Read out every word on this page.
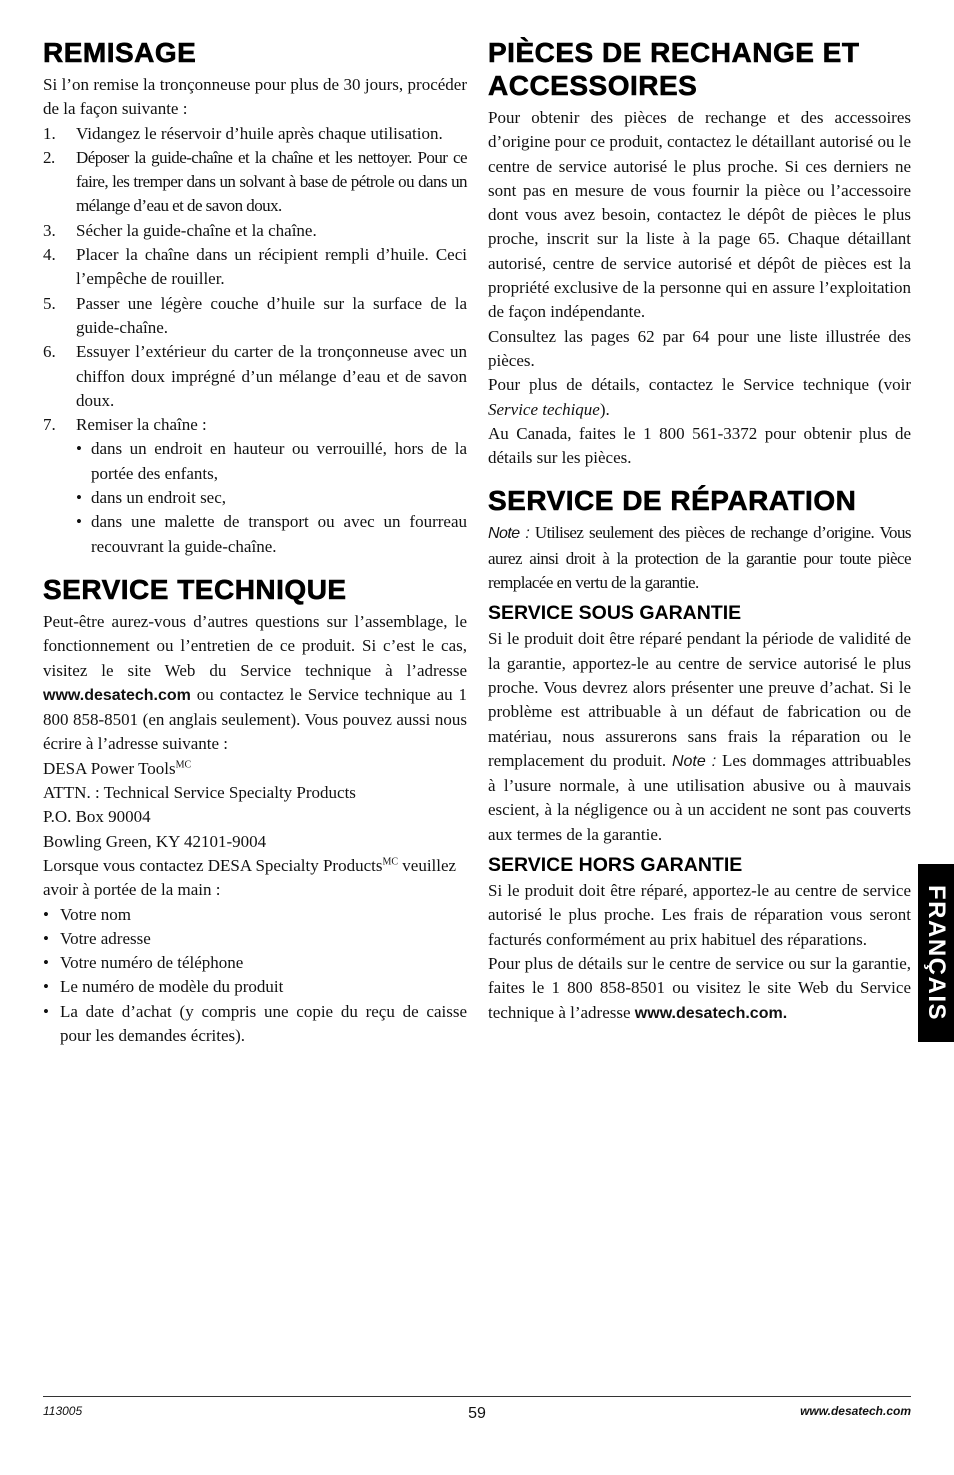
REMISAGE

Si l’on remise la tronçonneuse pour plus de 30 jours, procéder de la façon suivante :

1. Vidangez le réservoir d’huile après chaque utilisation.
2. Déposer la guide-chaîne et la chaîne et les nettoyer. Pour ce faire, les tremper dans un solvant à base de pétrole ou dans un mélange d’eau et de savon doux.
3. Sécher la guide-chaîne et la chaîne.
4. Placer la chaîne dans un récipient rempli d’huile. Ceci l’empêche de rouiller.
5. Passer une légère couche d’huile sur la surface de la guide-chaîne.
6. Essuyer l’extérieur du carter de la tronçonneuse avec un chiffon doux imprégné d’un mélange d’eau et de savon doux.
7. Remiser la chaîne :
• dans un endroit en hauteur ou verrouillé, hors de la portée des enfants,
• dans un endroit sec,
• dans une malette de transport ou avec un fourreau recouvrant la guide-chaîne.
SERVICE TECHNIQUE

Peut-être aurez-vous d’autres questions sur l’assemblage, le fonctionnement ou l’entretien de ce produit. Si c’est le cas, visitez le site Web du Service technique à l’adresse www.desatech.com ou contactez le Service technique au 1 800 858-8501 (en anglais seulement). Vous pouvez aussi nous écrire à l’adresse suivante :

DESA Power Tools$^{MC}$

ATTN. : Technical Service Specialty Products

P.O. Box 90004

Bowling Green, KY 42101-9004

Lorsque vous contactez DESA Specialty Products$^{MC}$ veuillez avoir à portée de la main :

• Votre nom
• Votre adresse
• Votre numéro de téléphone
• Le numéro de modèle du produit
• La date d’achat (y compris une copie du reçu de caisse pour les demandes écrites).
PIÈCES DE RECHANGE ET ACCESSOIRES

Pour obtenir des pièces de rechange et des accessoires d’origine pour ce produit, contactez le détaillant autorisé ou le centre de service autorisé le plus proche. Si ces derniers ne sont pas en mesure de vous fournir la pièce ou l’accessoire dont vous avez besoin, contactez le dépôt de pièces le plus proche, inscrit sur la liste à la page 65. Chaque détaillant autorisé, centre de service autorisé et dépôt de pièces est la propriété exclusive de la personne qui en assure l’exploitation de façon indépendante.

Consultez las pages 62 par 64 pour une liste illustrée des pièces.

Pour plus de détails, contactez le Service technique (voir Service techique).

Au Canada, faites le 1 800 561-3372 pour obtenir plus de détails sur les pièces.

SERVICE DE RÉPARATION

Note : Utilisez seulement des pièces de rechange d’origine. Vous aurez ainsi droit à la protection de la garantie pour toute pièce remplacée en vertu de la garantie.

SERVICE SOUS GARANTIE

Si le produit doit être réparé pendant la période de validité de la garantie, apportez-le au centre de service autorisé le plus proche. Vous devrez alors présenter une preuve d’achat. Si le problème est attribuable à un défaut de fabrication ou de matériau, nous assurerons sans frais la réparation ou le remplacement du produit. Note : Les dommages attribuables à l’usure normale, à une utilisation abusive ou à mauvais escient, à la négligence ou à un accident ne sont pas couverts aux termes de la garantie.

SERVICE HORS GARANTIE

Si le produit doit être réparé, apportez-le au centre de service autorisé le plus proche. Les frais de réparation vous seront facturés conformément au prix habituel des réparations.

Pour plus de détails sur le centre de service ou sur la garantie, faites le 1 800 858-8501 ou visitez le site Web du Service technique à l’adresse www.desatech.com.	FRANÇAIS
113005	59	www.desatech.com
